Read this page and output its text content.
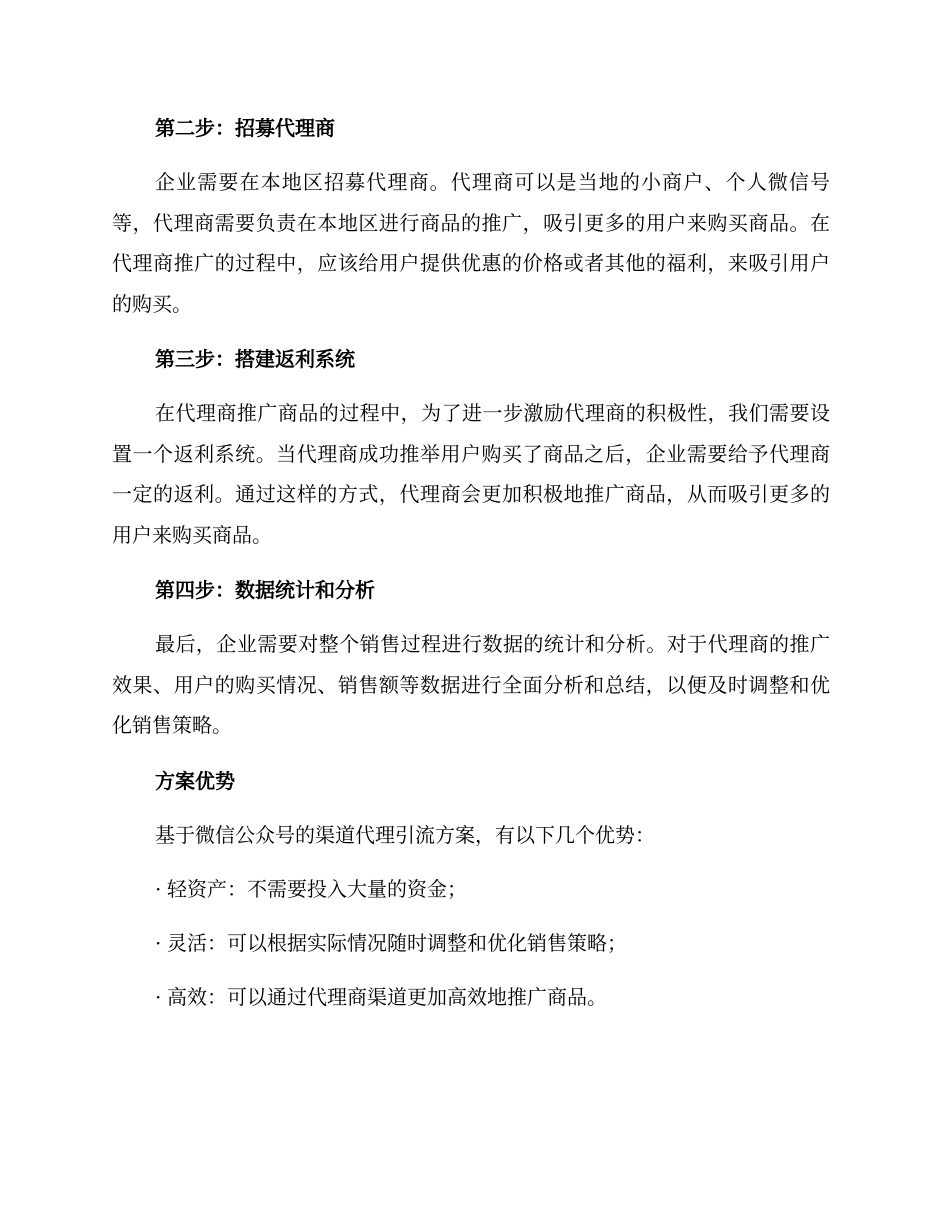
第二步：招募代理商
企业需要在本地区招募代理商。代理商可以是当地的小商户、个人微信号等，代理商需要负责在本地区进行商品的推广，吸引更多的用户来购买商品。在代理商推广的过程中，应该给用户提供优惠的价格或者其他的福利，来吸引用户的购买。
第三步：搭建返利系统
在代理商推广商品的过程中，为了进一步激励代理商的积极性，我们需要设置一个返利系统。当代理商成功推举用户购买了商品之后，企业需要给予代理商一定的返利。通过这样的方式，代理商会更加积极地推广商品，从而吸引更多的用户来购买商品。
第四步：数据统计和分析
最后，企业需要对整个销售过程进行数据的统计和分析。对于代理商的推广效果、用户的购买情况、销售额等数据进行全面分析和总结，以便及时调整和优化销售策略。
方案优势
基于微信公众号的渠道代理引流方案，有以下几个优势：
· 轻资产：不需要投入大量的资金；
· 灵活：可以根据实际情况随时调整和优化销售策略；
· 高效：可以通过代理商渠道更加高效地推广商品。
